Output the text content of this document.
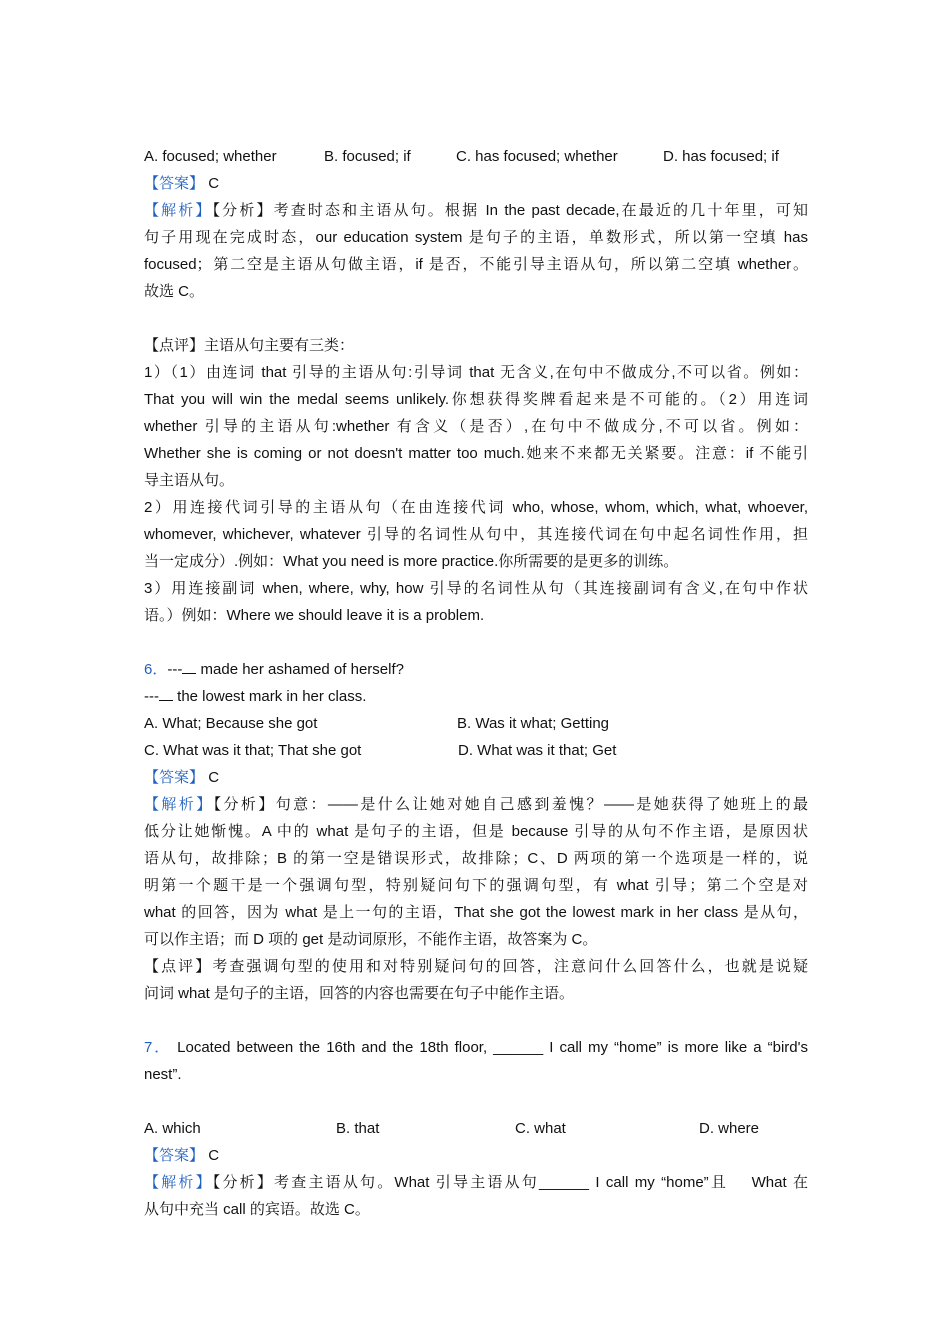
A. focused; whether	B. focused; if	C. has focused; whether	D. has focused; if
【答案】 C
【解析】【分析】考查时态和主语从句。根据 In the past decade,在最近的几十年里，可知
句子用现在完成时态，our education system 是句子的主语，单数形式，所以第一空填 has
focused；第二空是主语从句做主语，if 是否，不能引导主语从句，所以第二空填 whether。
故选 C。
【点评】主语从句主要有三类：
1）（1）由连词 that 引导的主语从句:引导词 that 无含义,在句中不做成分,不可以省。例如：
That you will win the medal seems unlikely.你想获得奖牌看起来是不可能的。（2）用连词
whether 引导的主语从句:whether 有含义（是否）,在句中不做成分,不可以省。例如：
Whether she is coming or not doesn't matter too much.她来不来都无关紧要。注意：if 不能引
导主语从句。
2）用连接代词引导的主语从句（在由连接代词 who, whose, whom, which, what, whoever,
whomever, whichever, whatever 引导的名词性从句中，其连接代词在句中起名词性作用，担
当一定成分）.例如：What you need is more practice.你所需要的是更多的训练。
3）用连接副词 when, where, why, how 引导的名词性从句（其连接副词有含义,在句中作状
语。）例如：Where we should leave it is a problem.
6．--- made her ashamed of herself?
--- the lowest mark in her class.
A. What; Because she got	B. Was it what; Getting
C. What was it that; That she got	D. What was it that; Get
【答案】 C
【解析】【分析】句意：——是什么让她对她自己感到羞愧？——是她获得了她班上的最
低分让她惭愧。A 中的 what 是句子的主语，但是 because 引导的从句不作主语，是原因状
语从句，故排除；B 的第一空是错误形式，故排除；C、D 两项的第一个选项是一样的，说
明第一个题干是一个强调句型，特别疑问句下的强调句型，有 what 引导；第二个空是对
what 的回答，因为 what 是上一句的主语，That she got the lowest mark in her class 是从句，
可以作主语；而 D 项的 get 是动词原形，不能作主语，故答案为 C。
【点评】考查强调句型的使用和对特别疑问句的回答，注意问什么回答什么，也就是说疑
问词 what 是句子的主语，回答的内容也需要在句子中能作主语。
7． Located between the 16th and the 18th floor, ______ I call my “home” is more like a “bird's
nest”.
A. which	B. that	C. what	D. where
【答案】 C
【解析】【分析】考查主语从句。What 引导主语从句______ I call my “home”且 　What 在
从句中充当 call 的宾语。故选 C。
